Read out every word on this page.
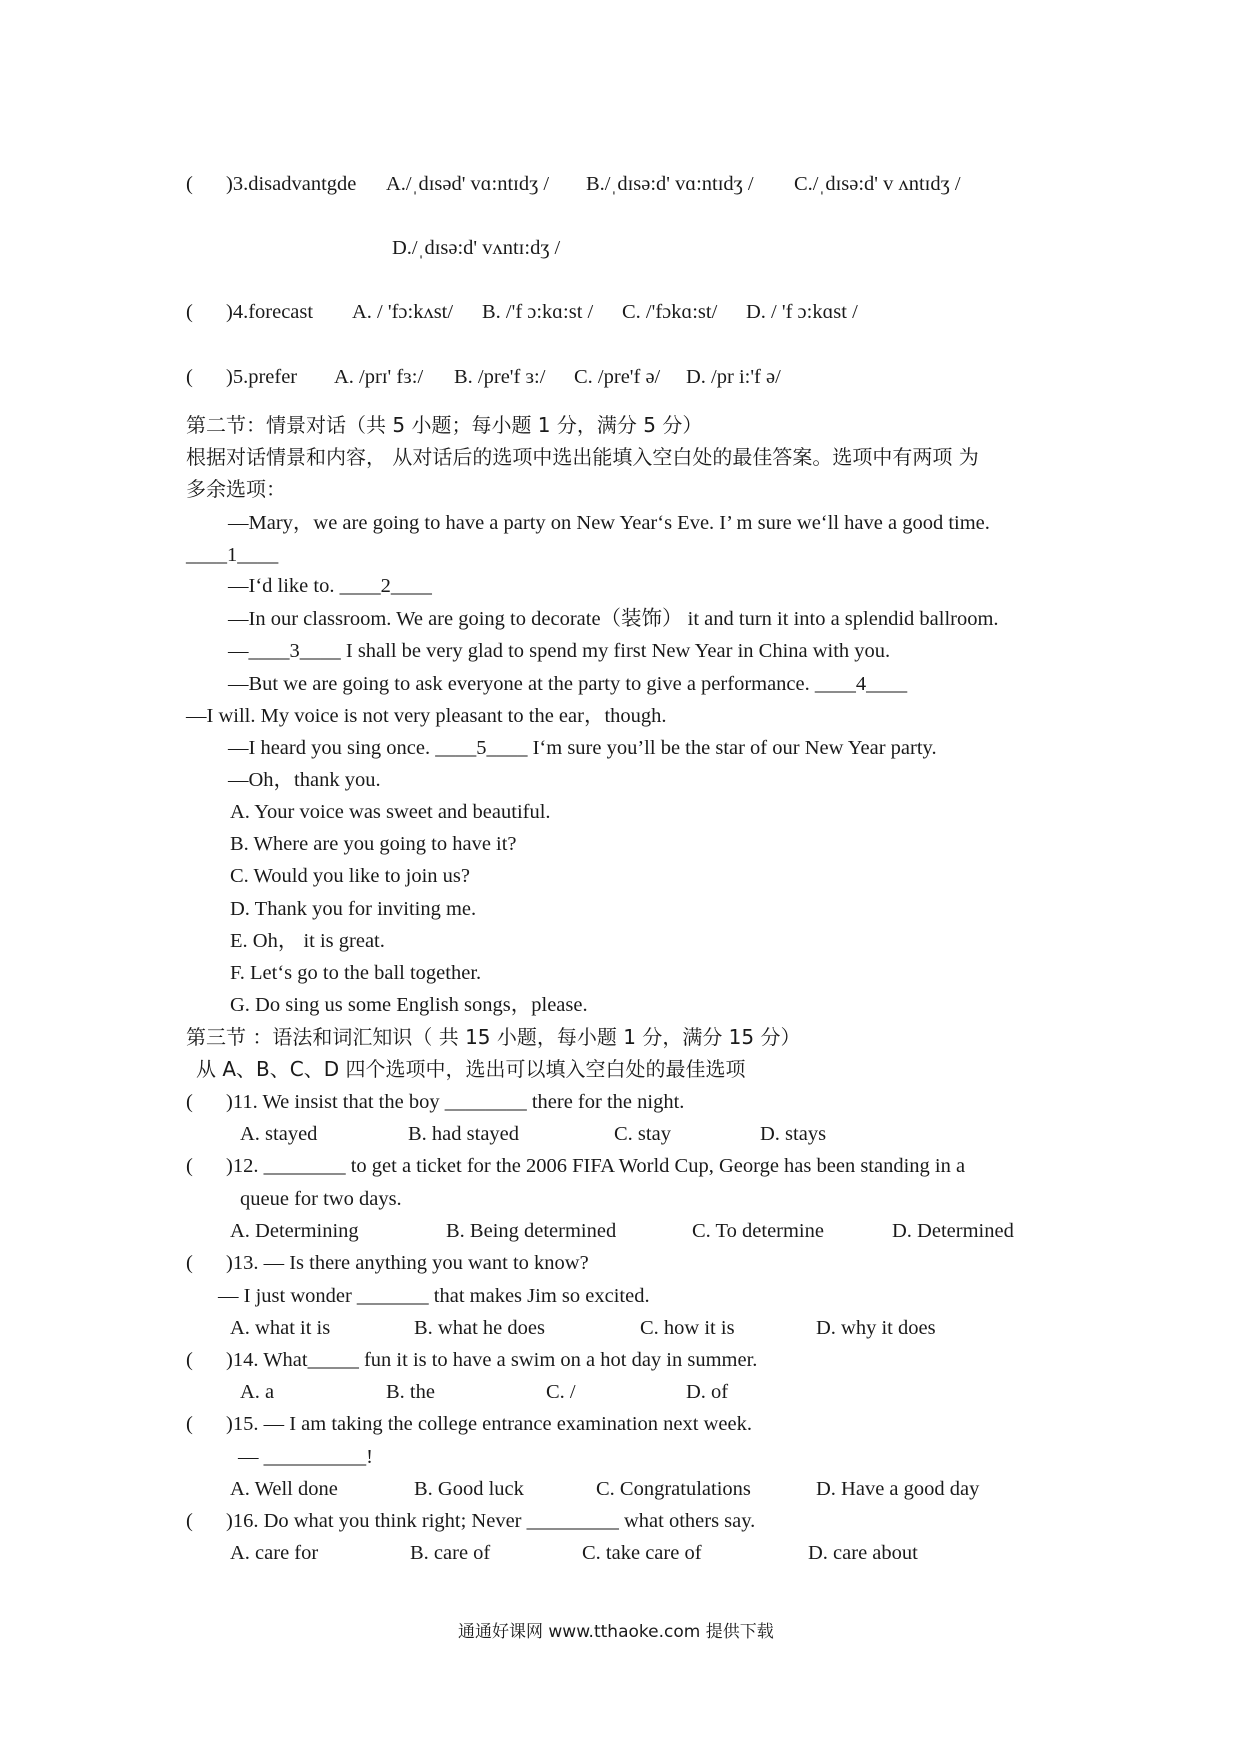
( )3.disadvantgde A./ˌdɪsəd' vɑ:ntɪdʒ / B./ˌdɪsə:d' vɑ:ntɪdʒ / C./ˌdɪsə:d' v ʌntɪdʒ /
D./ˌdɪsə:d' vʌntɪ:dʒ /
( )4.forecast A. / 'fɔ:kʌst/ B. /'f ɔ:kɑ:st / C. /'fɔkɑ:st/ D. / 'f ɔ:kɑst /
( )5.prefer A. /prɪ' fɜ:/ B. /pre'f ɜ:/ C. /pre'f ə/ D. /pr i:'f ə/
第二节：情景对话（共 5 小题；每小题 1 分，满分 5 分）
根据对话情景和内容， 从对话后的选项中选出能填入空白处的最佳答案。选项中有两项 为
多余选项：
—Mary，we are going to have a party on New Year‘s Eve. I’ m sure we‘ll have a good time.
____1____
—I‘d like to. ____2____
—In our classroom. We are going to decorate（装饰） it and turn it into a splendid ballroom.
—____3____ I shall be very glad to spend my first New Year in China with you.
—But we are going to ask everyone at the party to give a performance. ____4____
—I will. My voice is not very pleasant to the ear，though.
—I heard you sing once. ____5____ I‘m sure you’ll be the star of our New Year party.
—Oh，thank you.
A. Your voice was sweet and beautiful.
B. Where are you going to have it?
C. Would you like to join us?
D. Thank you for inviting me.
E. Oh， it is great.
F. Let‘s go to the ball together.
G. Do sing us some English songs，please.
第三节 ：语法和词汇知识（ 共 15 小题，每小题 1 分，满分 15 分）
从 A、B、C、D 四个选项中，选出可以填入空白处的最佳选项
( )11. We insist that the boy ________ there for the night.
A. stayed	B. had stayed	C. stay	D. stays
( )12. ________ to get a ticket for the 2006 FIFA World Cup, George has been standing in a
queue for two days.
A. Determining	B. Being determined	C. To determine	D. Determined
( )13. — Is there anything you want to know?
— I just wonder _______ that makes Jim so excited.
A. what it is	B. what he does	C. how it is	D. why it does
( )14. What_____ fun it is to have a swim on a hot day in summer.
A. a	B. the	C. /	D. of
( )15. — I am taking the college entrance examination next week.
— __________!
A. Well done	B. Good luck	C. Congratulations	D. Have a good day
( )16. Do what you think right; Never _________ what others say.
A. care for	B. care of	C. take care of	D. care about
通通好课网 www.tthaoke.com 提供下载
